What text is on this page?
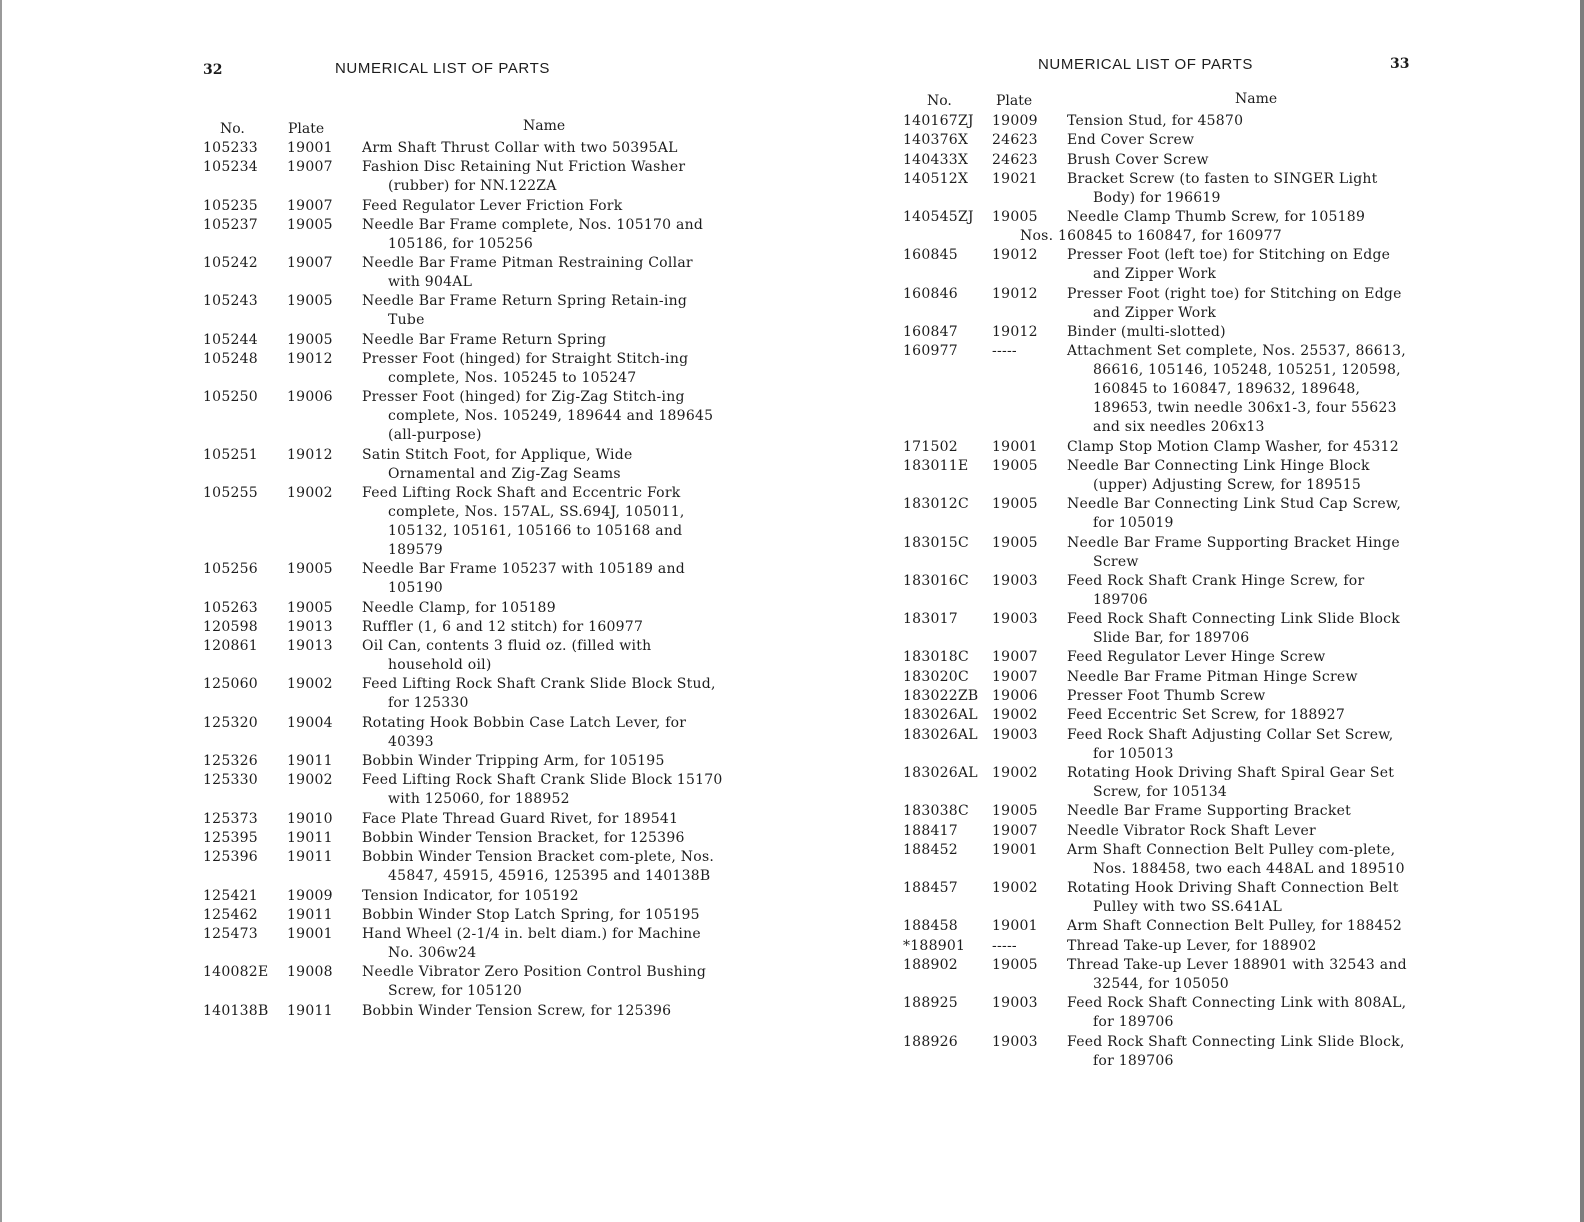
32	NUMERICAL LIST OF PARTS
No.	Plate	Name
105233	19001	Arm Shaft Thrust Collar with two 50395AL
105234	19007	Fashion Disc Retaining Nut Friction Washer (rubber) for NN.122ZA
105235	19007	Feed Regulator Lever Friction Fork
105237	19005	Needle Bar Frame complete, Nos. 105170 and 105186, for 105256
105242	19007	Needle Bar Frame Pitman Restraining Collar with 904AL
105243	19005	Needle Bar Frame Return Spring Retain-ing Tube
105244	19005	Needle Bar Frame Return Spring
105248	19012	Presser Foot (hinged) for Straight Stitch-ing complete, Nos. 105245 to 105247
105250	19006	Presser Foot (hinged) for Zig-Zag Stitch-ing complete, Nos. 105249, 189644 and 189645 (all-purpose)
105251	19012	Satin Stitch Foot, for Applique, Wide Ornamental and Zig-Zag Seams
105255	19002	Feed Lifting Rock Shaft and Eccentric Fork complete, Nos. 157AL, SS.694J, 105011, 105132, 105161, 105166 to 105168 and 189579
105256	19005	Needle Bar Frame 105237 with 105189 and 105190
105263	19005	Needle Clamp, for 105189
120598	19013	Ruffler (1, 6 and 12 stitch) for 160977
120861	19013	Oil Can, contents 3 fluid oz. (filled with household oil)
125060	19002	Feed Lifting Rock Shaft Crank Slide Block Stud, for 125330
125320	19004	Rotating Hook Bobbin Case Latch Lever, for 40393
125326	19011	Bobbin Winder Tripping Arm, for 105195
125330	19002	Feed Lifting Rock Shaft Crank Slide Block 15170 with 125060, for 188952
125373	19010	Face Plate Thread Guard Rivet, for 189541
125395	19011	Bobbin Winder Tension Bracket, for 125396
125396	19011	Bobbin Winder Tension Bracket com-plete, Nos. 45847, 45915, 45916, 125395 and 140138B
125421	19009	Tension Indicator, for 105192
125462	19011	Bobbin Winder Stop Latch Spring, for 105195
125473	19001	Hand Wheel (2-1/4 in. belt diam.) for Machine No. 306w24
140082E	19008	Needle Vibrator Zero Position Control Bushing Screw, for 105120
140138B	19011	Bobbin Winder Tension Screw, for 125396
NUMERICAL LIST OF PARTS	33
No.	Plate	Name
140167ZJ	19009	Tension Stud, for 45870
140376X	24623	End Cover Screw
140433X	24623	Brush Cover Screw
140512X	19021	Bracket Screw (to fasten to SINGER Light Body) for 196619
140545ZJ	19005	Needle Clamp Thumb Screw, for 105189
Nos. 160845 to 160847, for 160977
160845	19012	Presser Foot (left toe) for Stitching on Edge and Zipper Work
160846	19012	Presser Foot (right toe) for Stitching on Edge and Zipper Work
160847	19012	Binder (multi-slotted)
160977	-----	Attachment Set complete, Nos. 25537, 86613, 86616, 105146, 105248, 105251, 120598, 160845 to 160847, 189632, 189648, 189653, twin needle 306x1-3, four 55623 and six needles 206x13
171502	19001	Clamp Stop Motion Clamp Washer, for 45312
183011E	19005	Needle Bar Connecting Link Hinge Block (upper) Adjusting Screw, for 189515
183012C	19005	Needle Bar Connecting Link Stud Cap Screw, for 105019
183015C	19005	Needle Bar Frame Supporting Bracket Hinge Screw
183016C	19003	Feed Rock Shaft Crank Hinge Screw, for 189706
183017	19003	Feed Rock Shaft Connecting Link Slide Block Slide Bar, for 189706
183018C	19007	Feed Regulator Lever Hinge Screw
183020C	19007	Needle Bar Frame Pitman Hinge Screw
183022ZB 19006	Presser Foot Thumb Screw
183026AL	19002	Feed Eccentric Set Screw, for 188927
183026AL	19003	Feed Rock Shaft Adjusting Collar Set Screw, for 105013
183026AL	19002	Rotating Hook Driving Shaft Spiral Gear Set Screw, for 105134
183038C	19005	Needle Bar Frame Supporting Bracket
188417	19007	Needle Vibrator Rock Shaft Lever
188452	19001	Arm Shaft Connection Belt Pulley com-plete, Nos. 188458, two each 448AL and 189510
188457	19002	Rotating Hook Driving Shaft Connection Belt Pulley with two SS.641AL
188458	19001	Arm Shaft Connection Belt Pulley, for 188452
*188901	-----	Thread Take-up Lever, for 188902
188902	19005	Thread Take-up Lever 188901 with 32543 and 32544, for 105050
188925	19003	Feed Rock Shaft Connecting Link with 808AL, for 189706
188926	19003	Feed Rock Shaft Connecting Link Slide Block, for 189706
